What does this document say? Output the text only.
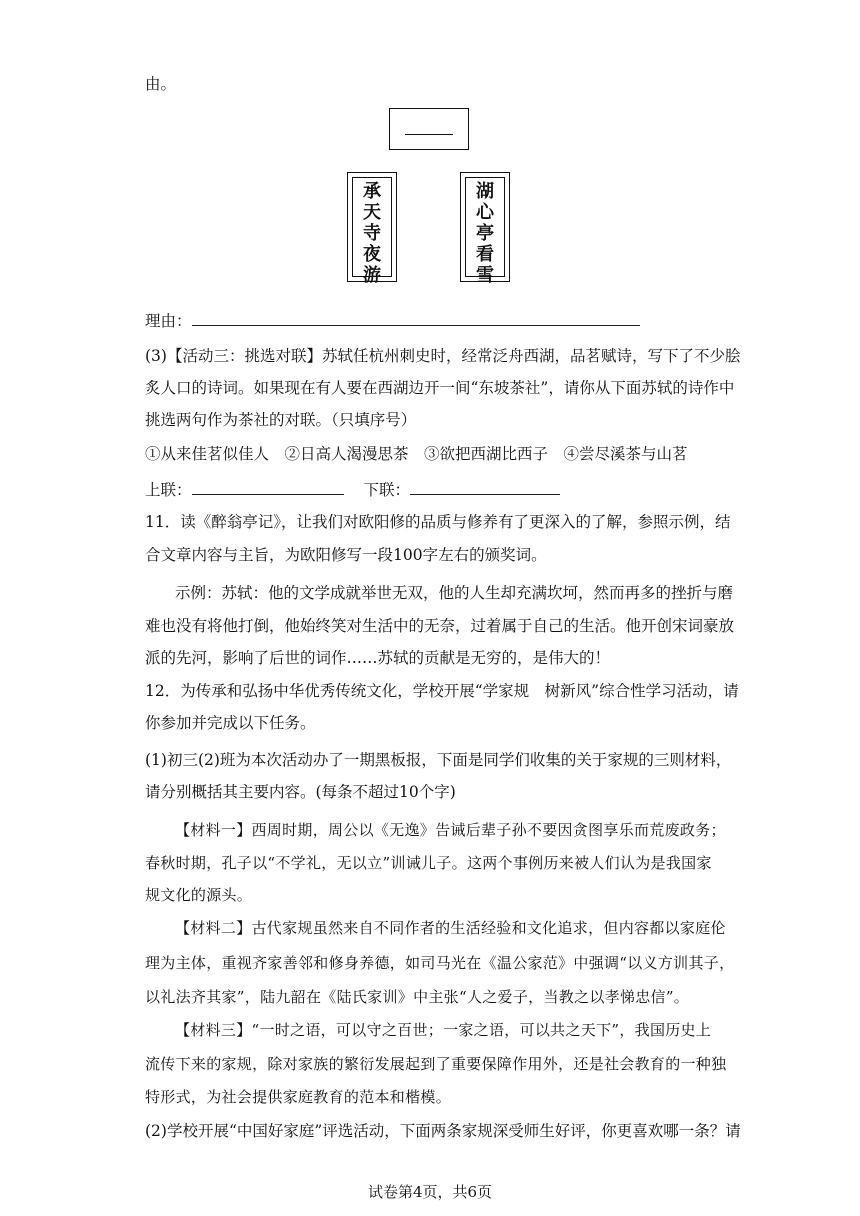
由。
承天寺夜游
湖心亭看雪
理由：
(3)【活动三：挑选对联】苏轼任杭州刺史时，经常泛舟西湖，品茗赋诗，写下了不少脍
炙人口的诗词。如果现在有人要在西湖边开一间“东坡茶社”，请你从下面苏轼的诗作中
挑选两句作为茶社的对联。（只填序号）
①从来佳茗似佳人　②日高人渴漫思茶　③欲把西湖比西子　④尝尽溪茶与山茗
上联：	下联：
11．读《醉翁亭记》，让我们对欧阳修的品质与修养有了更深入的了解，参照示例，结
合文章内容与主旨，为欧阳修写一段100字左右的颁奖词。
示例：苏轼：他的文学成就举世无双，他的人生却充满坎坷，然而再多的挫折与磨
难也没有将他打倒，他始终笑对生活中的无奈，过着属于自己的生活。他开创宋词豪放
派的先河，影响了后世的词作……苏轼的贡献是无穷的，是伟大的！
12．为传承和弘扬中华优秀传统文化，学校开展“学家规　树新风”综合性学习活动，请
你参加并完成以下任务。
(1)初三(2)班为本次活动办了一期黑板报，下面是同学们收集的关于家规的三则材料，
请分别概括其主要内容。(每条不超过10个字)
【材料一】西周时期，周公以《无逸》告诫后辈子孙不要因贪图享乐而荒废政务；
春秋时期，孔子以“不学礼，无以立”训诫儿子。这两个事例历来被人们认为是我国家
规文化的源头。
【材料二】古代家规虽然来自不同作者的生活经验和文化追求，但内容都以家庭伦
理为主体，重视齐家善邻和修身养德，如司马光在《温公家范》中强调“以义方训其子，
以礼法齐其家”，陆九韶在《陆氏家训》中主张“人之爱子，当教之以孝悌忠信”。
【材料三】“一时之语，可以守之百世；一家之语，可以共之天下”，我国历史上
流传下来的家规，除对家族的繁衍发展起到了重要保障作用外，还是社会教育的一种独
特形式，为社会提供家庭教育的范本和楷模。
(2)学校开展“中国好家庭”评选活动，下面两条家规深受师生好评，你更喜欢哪一条？请
试卷第4页，共6页
